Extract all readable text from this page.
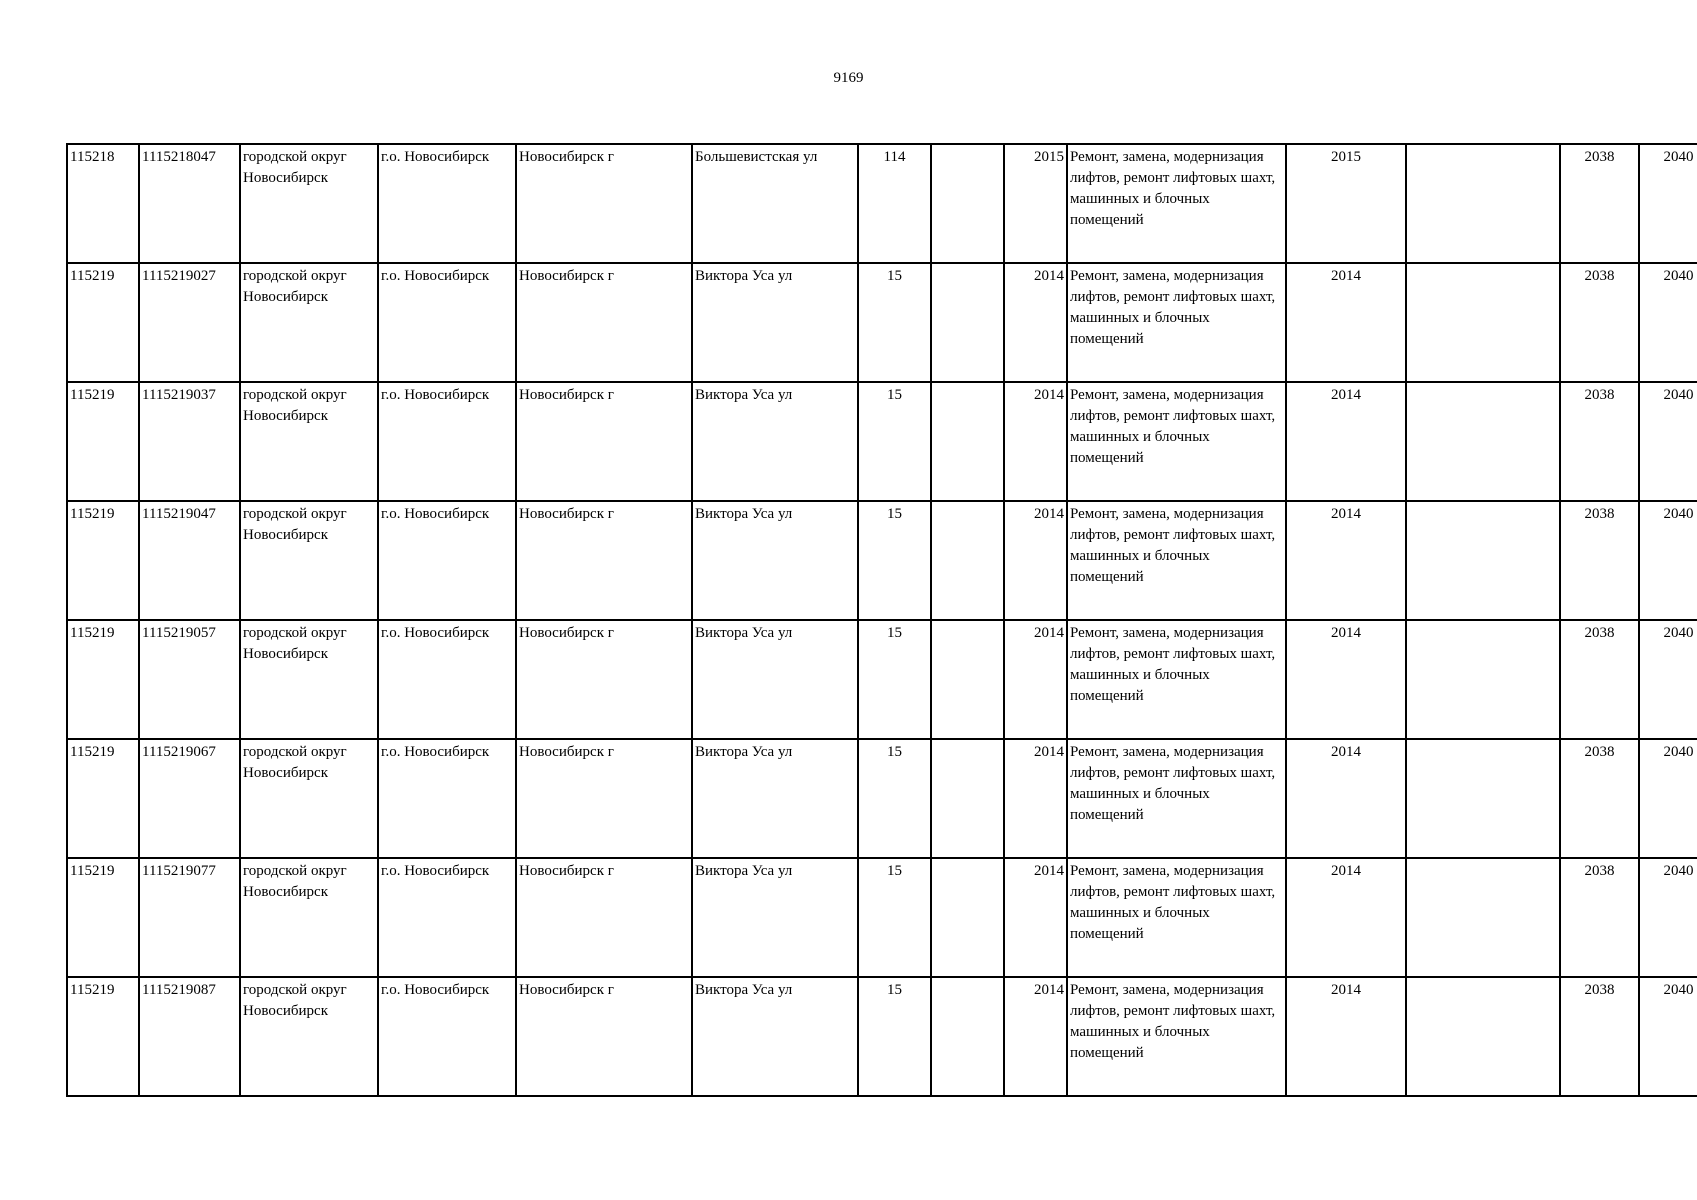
9169
115218	1115218047	городской округ Новосибирск	г.о. Новосибирск	Новосибирск г	Большевистская ул	114		2015	Ремонт, замена, модернизация лифтов, ремонт лифтовых шахт, машинных и блочных помещений	2015		2038	2040
115219	1115219027	городской округ Новосибирск	г.о. Новосибирск	Новосибирск г	Виктора Уса ул	15		2014	Ремонт, замена, модернизация лифтов, ремонт лифтовых шахт, машинных и блочных помещений	2014		2038	2040
115219	1115219037	городской округ Новосибирск	г.о. Новосибирск	Новосибирск г	Виктора Уса ул	15		2014	Ремонт, замена, модернизация лифтов, ремонт лифтовых шахт, машинных и блочных помещений	2014		2038	2040
115219	1115219047	городской округ Новосибирск	г.о. Новосибирск	Новосибирск г	Виктора Уса ул	15		2014	Ремонт, замена, модернизация лифтов, ремонт лифтовых шахт, машинных и блочных помещений	2014		2038	2040
115219	1115219057	городской округ Новосибирск	г.о. Новосибирск	Новосибирск г	Виктора Уса ул	15		2014	Ремонт, замена, модернизация лифтов, ремонт лифтовых шахт, машинных и блочных помещений	2014		2038	2040
115219	1115219067	городской округ Новосибирск	г.о. Новосибирск	Новосибирск г	Виктора Уса ул	15		2014	Ремонт, замена, модернизация лифтов, ремонт лифтовых шахт, машинных и блочных помещений	2014		2038	2040
115219	1115219077	городской округ Новосибирск	г.о. Новосибирск	Новосибирск г	Виктора Уса ул	15		2014	Ремонт, замена, модернизация лифтов, ремонт лифтовых шахт, машинных и блочных помещений	2014		2038	2040
115219	1115219087	городской округ Новосибирск	г.о. Новосибирск	Новосибирск г	Виктора Уса ул	15		2014	Ремонт, замена, модернизация лифтов, ремонт лифтовых шахт, машинных и блочных помещений	2014		2038	2040
